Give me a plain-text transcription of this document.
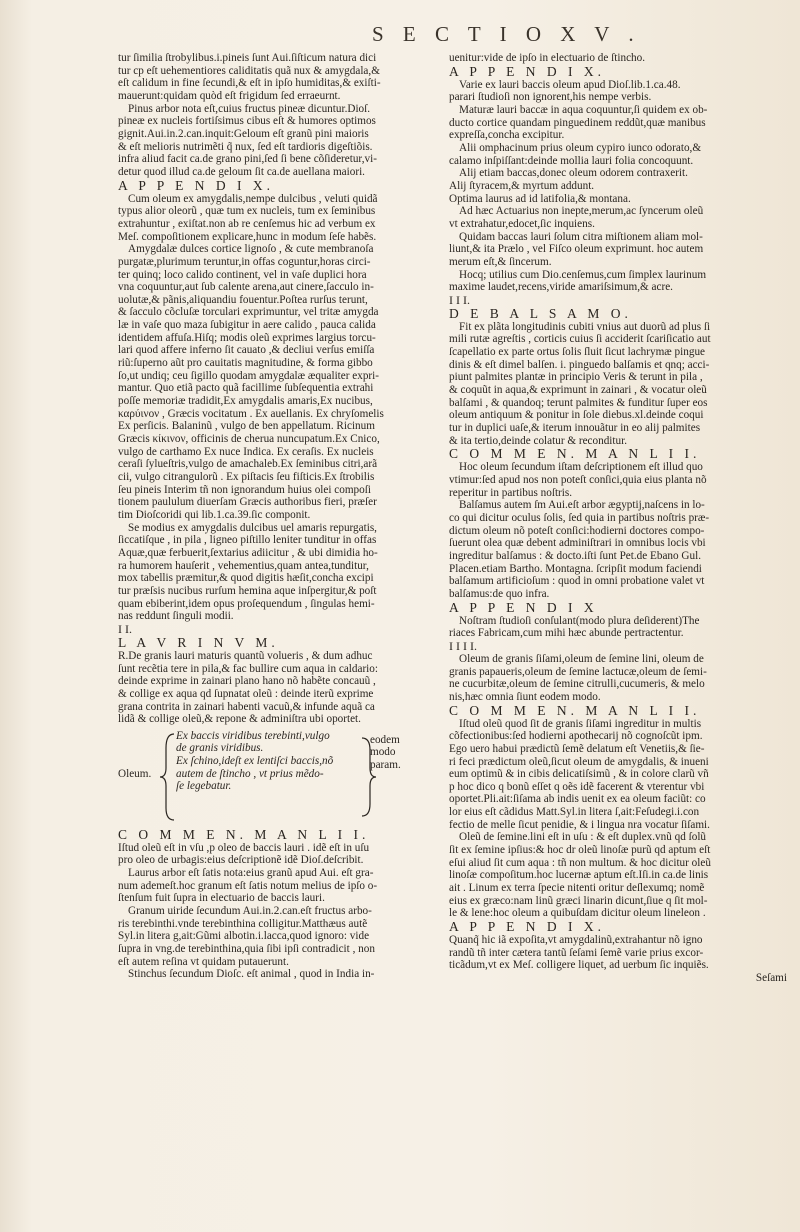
S E C T I O X V .
tur ſimilia ſtrobylibus.i.pineis ſunt Aui.ſiſticum natura dici
tur cp eſt uehementiores caliditatis quã nux & amygdala,&
eſt calidum in fine ſecundi,& eſt in ipſo humiditas,& exiſti-
mauerunt:quidam quòd eſt frigidum ſed erraeurnt.
Pinus arbor nota eſt,cuius fructus pineæ dicuntur.Dioſ.
pineæ ex nucleis fortiſsimus cibus eſt & humores optimos
gignit.Aui.in.2.can.inquit:Geloum eſt granũ pini maioris
& eſt melioris nutrimẽti q̃ nux, ſed eſt tardioris digeſtiõis.
infra aliud facit ca.de grano pini,ſed ſi bene cõſideretur,vi-
detur quod illud ca.de geloum ſit ca.de auellana maiori.

A P P E N D I X.

Cum oleum ex amygdalis,nempe dulcibus , veluti quidã
typus alior oleorũ , quæ tum ex nucleis, tum ex ſeminibus
extrahuntur , exiſtat.non ab re cenſemus hic ad verbum ex
Meſ. compoſitionem explicare,hunc in modum ſeſe habẽs.
Amygdalæ dulces cortice lignoſo , & cute membranoſa
purgatæ,plurimum teruntur,in offas coguntur,horas circi-
ter quinq; loco calido continent, vel in vaſe duplici hora
vna coquuntur,aut ſub calente arena,aut cinere,ſacculo in-
uolutæ,& pãnis,aliquandiu fouentur.Poſtea rurſus terunt,
& ſacculo cõcluſæ torculari exprimuntur, vel tritæ amygda
læ in vaſe quo maza ſubigitur in aere calido , pauca calida
identidem affuſa.Hiſq; modis oleũ exprimes largius torcu-
lari quod affere inferno ſit cauato ,& decliui verſus emiſſa
riũ:ſuperno aũt pro cauitatis magnitudine, & forma gibbo
ſo,ut undiq; ceu ſigillo quodam amygdalæ æqualiter expri-
mantur. Quo etiã pacto quã facillime ſubſequentia extrahi
poſſe memoriæ tradidit,Ex amygdalis amaris,Ex nucibus,
καρύινον , Græcis vocitatum . Ex auellanis. Ex chryſomelis
Ex perſicis. Balaninũ , vulgo de ben appellatum. Ricinum
Græcis κίκινον, officinis de cherua nuncupatum.Ex Cnico,
vulgo de carthamo Ex nuce Indica. Ex ceraſis. Ex nucleis
ceraſi ſylueſtris,vulgo de amachaleb.Ex ſeminibus citri,arã
cii, vulgo citrangulorũ . Ex piſtacis ſeu fiſticis.Ex ſtrobilis
ſeu pineis Interim tñ non ignorandum huius olei compoſi
tionem paululum diuerſam Græcis authoribus fieri, præſer
tim Dioſcoridi qui lib.1.ca.39.ſic componit.
Se modius ex amygdalis dulcibus uel amaris repurgatis,
ſiccatiſque , in pila , ligneo piſtillo leniter tunditur in offas
Aquæ,quæ ferbuerit,ſextarius adiicitur , & ubi dimidia ho-
ra humorem hauſerit , vehementius,quam antea,tunditur,
mox tabellis præmitur,& quod digitis hæſit,concha excipi
tur præſsis nucibus rurſum hemina aque inſpergitur,& poſt
quam ebiberint,idem opus proſequendum , ſingulas hemi-
nas reddunt ſinguli modii.

I I.

L A V R I N V M.

R.De granis lauri maturis quantũ volueris , & dum adhuc
ſunt recẽtia tere in pila,& fac bullire cum aqua in caldario:
deinde exprime in zainari plano hano nõ habẽte concauũ ,
& collige ex aqua qd̃ ſupnatat oleũ : deinde iterũ exprime
grana contrita in zainari habenti vacuũ,& infunde aquã ca
lidã & collige oleũ,& repone & adminiſtra ubi oportet.
Oleum.
Ex baccis viridibus terebinti,vulgo
de granis viridibus.
Ex ſchino,ideſt ex lentiſci baccis,nõ
autem de ſtincho , vt prius mẽdo-
ſe legebatur.
eodem
modo
param.

C O M M E N. M A N L I I.

Iſtud oleũ eſt in vſu ,p oleo de baccis lauri . idẽ eſt in uſu
pro oleo de urbagis:eius deſcriptionẽ idẽ Dioſ.deſcribit.
Laurus arbor eſt ſatis nota:eius granũ apud Aui. eſt gra-
num ademeſt.hoc granum eſt ſatis notum melius de ipſo o-
ſtenſum fuit ſupra in electuario de baccis lauri.
Granum uiride ſecundum Aui.in.2.can.eſt fructus arbo-
ris terebinthi.vnde terebinthina colligitur.Matthæus autẽ
Syl.in litera g,ait:Gũmi albotin.i.lacca,quod ignoro: vide
ſupra in vng.de terebinthina,quia ſibi ipſi contradicit , non
eſt autem reſina vt quidam putauerunt.
Stinchus ſecundum Dioſc. eſt animal , quod in India in-
uenitur:vide de ipſo in electuario de ſtincho.

A P P E N D I X.

Varie ex lauri baccis oleum apud Dioſ.lib.1.ca.48.
parari ſtudioſi non ignorent,his nempe verbis.
Maturæ lauri baccæ in aqua coquuntur,ſi quidem ex ob-
ducto cortice quandam pinguedinem reddũt,quæ manibus
expreſſa,concha excipitur.
Alii omphacinum prius oleum cypiro iunco odorato,&
calamo inſpiſſant:deinde mollia lauri folia concoquunt.
Alij etiam baccas,donec oleum odorem contraxerit.
Alij ſtyracem,& myrtum addunt.
Optima laurus ad id latifolia,& montana.
Ad hæc Actuarius non inepte,merum,ac ſyncerum oleũ
vt extrahatur,edocet,ſic inquiens.
Quidam baccas lauri ſolum citra miſtionem aliam mol-
liunt,& ita Prælo , vel Fiſco oleum exprimunt. hoc autem
merum eſt,& ſincerum.
Hocq; utilius cum Dio.cenſemus,cum ſimplex laurinum
maxime laudet,recens,viride amariſsimum,& acre.

I I I.

D E B A L S A M O.

Fit ex plãta longitudinis cubiti vnius aut duorũ ad plus ſi
mili rutæ agreſtis , corticis cuius ſi acciderit ſcariſicatio aut
ſcapellatio ex parte ortus ſolis ſluit ſicut lachrymæ pingue
dinis & eſt dimel balſen. i. pinguedo balſamis et qnq; acci-
piunt palmites plantæ in principio Veris & terunt in pila ,
& coquũt in aqua,& exprimunt in zainari , & vocatur oleũ
balſami , & quandoq; terunt palmites & funditur ſuper eos
oleum antiquum & ponitur in ſole diebus.xl.deinde coqui
tur in duplici uaſe,& iterum innouãtur in eo alij palmites
& ita tertio,deinde colatur & reconditur.

C O M M E N. M A N L I I.

Hoc oleum ſecundum iſtam deſcriptionem eſt illud quo
vtimur:ſed apud nos non poteſt conſici,quia eius planta nõ
reperitur in partibus noſtris.
Balſamus autem ſm Aui.eſt arbor ægyptij,naſcens in lo-
co qui dicitur oculus ſolis, ſed quia in partibus noſtris præ-
dictum oleum nõ poteſt conſici:hodierni doctores compo-
ſuerunt olea quæ debent adminiſtrari in omnibus locis vbi
ingreditur balſamus : & docto.iſti ſunt Pet.de Ebano Gul.
Placen.etiam Bartho. Montagna. ſcripſit modum faciendi
balſamum artificioſum : quod in omni probatione valet vt
balſamus:de quo infra.

A P P E N D I X

Noſtram ſtudioſi conſulant(modo plura deſiderent)The
riaces Fabricam,cum mihi hæc abunde pertractentur.

I I I I.

Oleum de granis ſiſami,oleum de ſemine lini, oleum de
granis papaueris,oleum de ſemine lactucæ,oleum de ſemi-
ne cucurbitæ,oleum de ſemine citrulli,cucumeris, & melo
nis,hæc omnia ſiunt eodem modo.

C O M M E N. M A N L I I.

Iſtud oleũ quod ſit de granis ſiſami ingreditur in multis
cõfectionibus:ſed hodierni apothecarij nõ cognoſcũt ipm.
Ego uero habui prædictũ ſemẽ delatum eſt Venetiis,& ſie-
ri feci prædictum oleũ,ſicut oleum de amygdalis, & inueni
eum optimũ & in cibis delicatiſsimũ , & in colore clarũ vñ
p hoc dico q bonũ eſſet q oẽs idẽ facerent & vterentur vbi
oportet.Pli.ait:ſiſama ab indis uenit ex ea oleum faciũt: co
lor eius eſt cãdidus Matt.Syl.in litera ſ,ait:Feſudegi.i.con
fectio de melle ſicut penidie, & i lingua nra vocatur ſiſami.
Oleũ de ſemine.lini eſt in uſu : & eſt duplex.vnũ qd̃ ſolũ
ſit ex ſemine ipſius:& hoc dr oleũ linoſæ purũ qd̃ aptum eſt
eſui aliud ſit cum aqua : tñ non multum. & hoc dicitur oleũ
linoſæ compoſitum.hoc lucernæ aptum eſt.Iſi.in ca.de linis
ait . Linum ex terra ſpecie nitenti oritur deſlexumq; nomẽ
eius ex græco:nam linũ græci linarin dicunt,ſiue q ſit mol-
le & lene:hoc oleum a quibuſdam dicitur oleum lineleon .

A P P E N D I X.

Quanq̃ hic iã expoſita,vt amygdalinũ,extrahantur nõ igno
randũ tñ inter cætera tantũ ſeſami ſemẽ varie prius excor-
ticãdum,vt ex Meſ. colligere liquet, ad uerbum ſic inquiẽs.

Seſami
